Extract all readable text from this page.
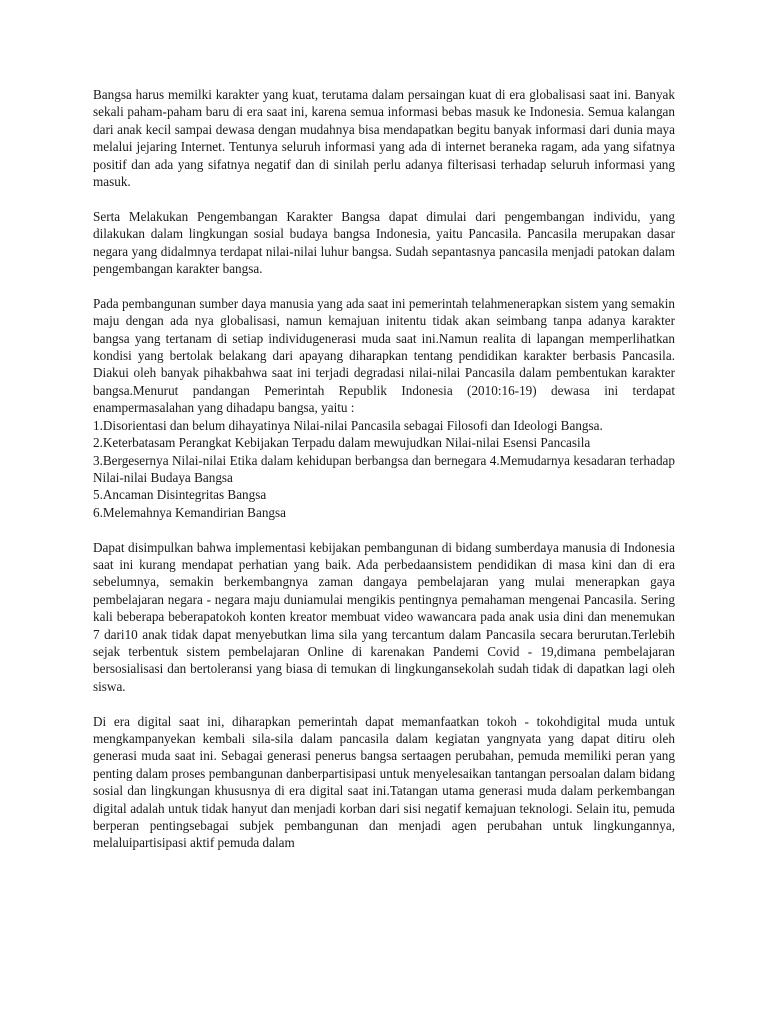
Bangsa harus memilki karakter yang kuat, terutama dalam persaingan kuat di era globalisasi saat ini. Banyak sekali paham-paham baru di era saat ini, karena semua informasi bebas masuk ke Indonesia. Semua kalangan dari anak kecil sampai dewasa dengan mudahnya bisa mendapatkan begitu banyak informasi dari dunia maya melalui jejaring Internet. Tentunya seluruh informasi yang ada di internet beraneka ragam, ada yang sifatnya positif dan ada yang sifatnya negatif dan di sinilah perlu adanya filterisasi terhadap seluruh informasi yang masuk.

Serta Melakukan Pengembangan Karakter Bangsa dapat dimulai dari pengembangan individu, yang dilakukan dalam lingkungan sosial budaya bangsa Indonesia, yaitu Pancasila. Pancasila merupakan dasar negara yang didalmnya terdapat nilai-nilai luhur bangsa. Sudah sepantasnya pancasila menjadi patokan dalam pengembangan karakter bangsa.

Pada pembangunan sumber daya manusia yang ada saat ini pemerintah telahmenerapkan sistem yang semakin maju dengan ada nya globalisasi, namun kemajuan initentu tidak akan seimbang tanpa adanya karakter bangsa yang tertanam di setiap individugenerasi muda saat ini.Namun realita di lapangan memperlihatkan kondisi yang bertolak belakang dari apayang diharapkan tentang pendidikan karakter berbasis Pancasila. Diakui oleh banyak pihakbahwa saat ini terjadi degradasi nilai-nilai Pancasila dalam pembentukan karakter bangsa.Menurut pandangan Pemerintah Republik Indonesia (2010:16-19) dewasa ini terdapat enampermasalahan yang dihadapu bangsa, yaitu :

1.Disorientasi dan belum dihayatinya Nilai-nilai Pancasila sebagai Filosofi dan Ideologi Bangsa.
2.Keterbatasam Perangkat Kebijakan Terpadu dalam mewujudkan Nilai-nilai Esensi Pancasila
3.Bergesernya Nilai-nilai Etika dalam kehidupan berbangsa dan bernegara 4.Memudarnya kesadaran terhadap Nilai-nilai Budaya Bangsa
5.Ancaman Disintegritas Bangsa
6.Melemahnya Kemandirian Bangsa

Dapat disimpulkan bahwa implementasi kebijakan pembangunan di bidang sumberdaya manusia di Indonesia saat ini kurang mendapat perhatian yang baik. Ada perbedaansistem pendidikan di masa kini dan di era sebelumnya, semakin berkembangnya zaman dangaya pembelajaran yang mulai menerapkan gaya pembelajaran negara - negara maju duniamulai mengikis pentingnya pemahaman mengenai Pancasila. Sering kali beberapa beberapatokoh konten kreator membuat video wawancara pada anak usia dini dan menemukan 7 dari10 anak tidak dapat menyebutkan lima sila yang tercantum dalam Pancasila secara berurutan.Terlebih sejak terbentuk sistem pembelajaran Online di karenakan Pandemi Covid - 19,dimana pembelajaran bersosialisasi dan bertoleransi yang biasa di temukan di lingkungansekolah sudah tidak di dapatkan lagi oleh siswa.

Di era digital saat ini, diharapkan pemerintah dapat memanfaatkan tokoh - tokohdigital muda untuk mengkampanyekan kembali sila-sila dalam pancasila dalam kegiatan yangnyata yang dapat ditiru oleh generasi muda saat ini. Sebagai generasi penerus bangsa sertaagen perubahan, pemuda memiliki peran yang penting dalam proses pembangunan danberpartisipasi untuk menyelesaikan tantangan persoalan dalam bidang sosial dan lingkungan khususnya di era digital saat ini.Tatangan utama generasi muda dalam perkembangan digital adalah untuk tidak hanyut dan menjadi korban dari sisi negatif kemajuan teknologi. Selain itu, pemuda berperan pentingsebagai subjek pembangunan dan menjadi agen perubahan untuk lingkungannya, melaluipartisipasi aktif pemuda dalam
